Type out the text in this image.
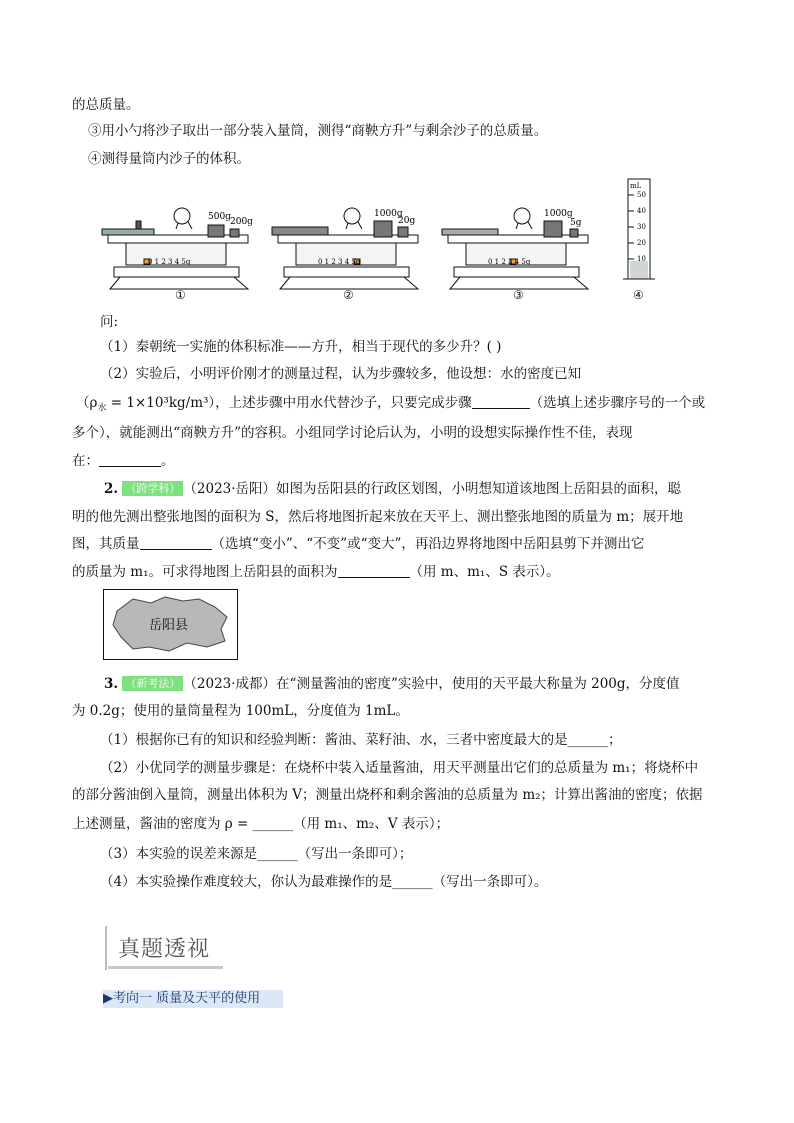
的总质量。
③用小勺将沙子取出一部分装入量筒，测得“商鞅方升”与剩余沙子的总质量。
④测得量筒内沙子的体积。
500g 200g
0 1 2 3 4 5g
①
1000g
20g
0 1 2 3 4 5g
②
1000g
5g
0 1 2 3 4 5g
③
mL
50
40
30
20
10
④
问:
（1）秦朝统一实施的体积标准——方升，相当于现代的多少升？( )
（2）实验后，小明评价刚才的测量过程，认为步骤较多，他设想：水的密度已知
$(\rho_水 = 1\times 10^3kg/m^3)$，上述步骤中用水代替沙子，只要完成步骤	（选填上述步骤序号的一个或
多个），就能测出“商鞅方升”的容积。小组同学讨论后认为，小明的设想实际操作性不佳，表现
在：	。
2. （跨学科） （2023·岳阳）如图为岳阳县的行政区划图，小明想知道该地图上岳阳县的面积，聪
明的他先测出整张地图的面积为 S，然后将地图折起来放在天平上、测出整张地图的质量为 m；展开地
图，其质量	（选填“变小”、“不变”或“变大”，再沿边界将地图中岳阳县剪下并测出它
的质量为 m₁。可求得地图上岳阳县的面积为	（用 m、m₁、S 表示）。
岳阳县
3. （新考法） （2023·成都）在“测量酱油的密度”实验中，使用的天平最大称量为 200g，分度值
为 0.2g；使用的量筒量程为 100mL，分度值为 1mL。
（1）根据你已有的知识和经验判断：酱油、菜籽油、水，三者中密度最大的是______；
（2）小优同学的测量步骤是：在烧杯中装入适量酱油，用天平测量出它们的总质量为 m₁；将烧杯中
的部分酱油倒入量筒，测量出体积为 V；测量出烧杯和剩余酱油的总质量为 m₂；计算出酱油的密度；依据
上述测量，酱油的密度为 ρ = ______（用 m₁、m₂、V 表示）；
（3）本实验的误差来源是______（写出一条即可）；
（4）本实验操作难度较大，你认为最难操作的是______（写出一条即可）。
真题透视
▶考向一 质量及天平的使用
